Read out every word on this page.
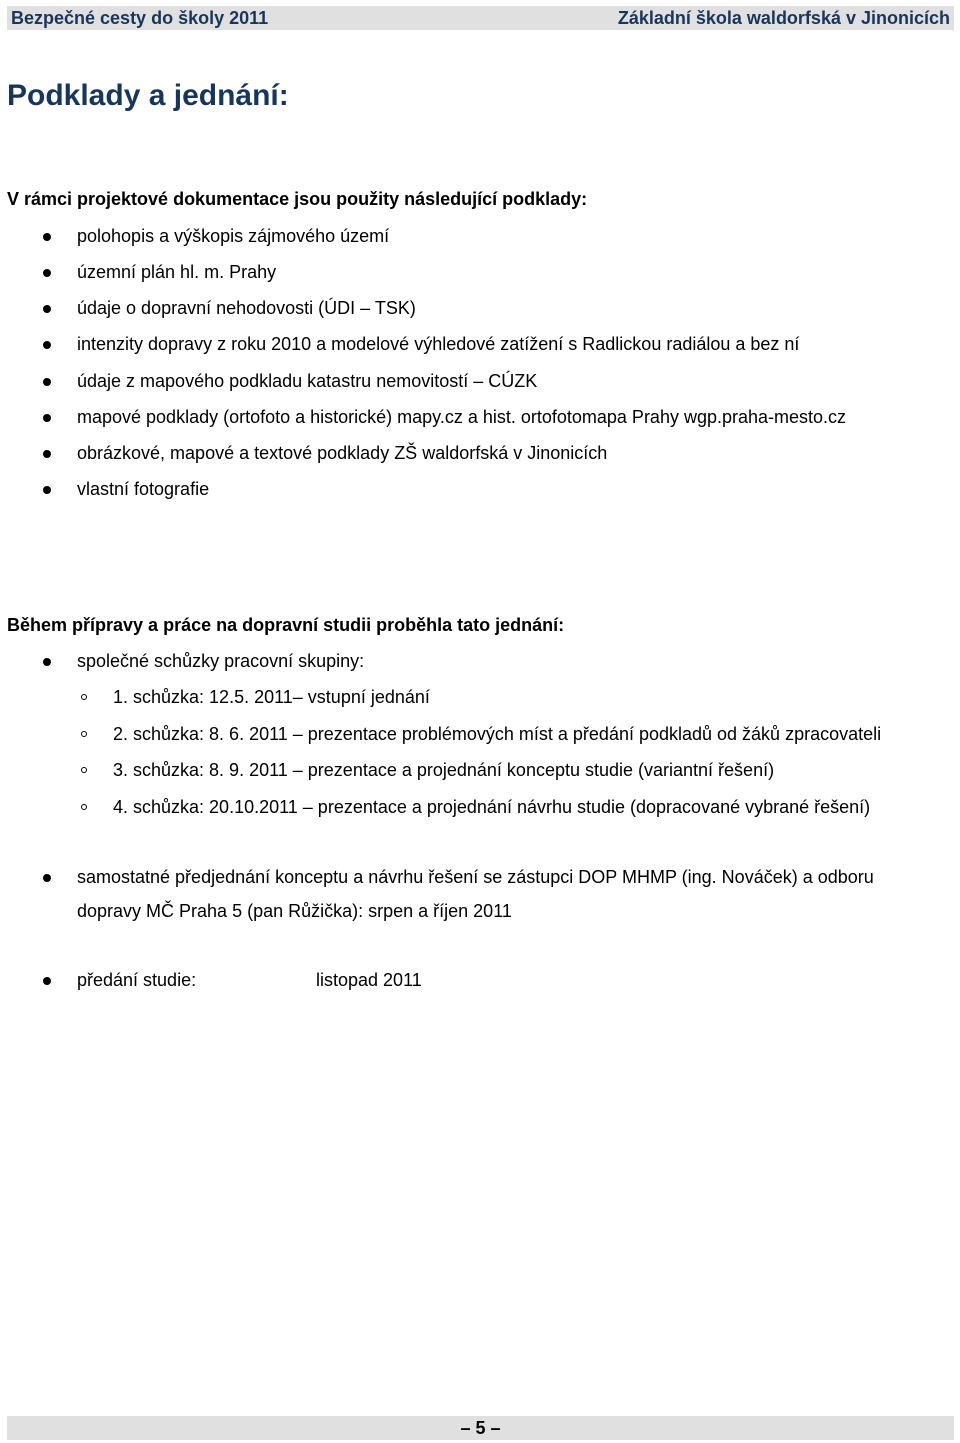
Bezpečné cesty do školy 2011	Základní škola waldorfská v Jinonicích
Podklady a jednání:
V rámci projektové dokumentace jsou použity následující podklady:
polohopis a výškopis zájmového území
územní plán hl. m. Prahy
údaje o dopravní nehodovosti (ÚDI – TSK)
intenzity dopravy z roku 2010 a modelové výhledové zatížení s Radlickou radiálou a bez ní
údaje z mapového podkladu katastru nemovitostí – CÚZK
mapové podklady (ortofoto a historické) mapy.cz a hist. ortofotomapa Prahy wgp.praha-mesto.cz
obrázkové, mapové a textové podklady ZŠ waldorfská v Jinonicích
vlastní fotografie
Během přípravy a práce na dopravní studii proběhla tato jednání:
společné schůzky pracovní skupiny:
1. schůzka: 12.5. 2011– vstupní jednání
2. schůzka: 8. 6. 2011 – prezentace problémových míst a předání podkladů od žáků zpracovateli
3. schůzka: 8. 9. 2011 – prezentace a projednání konceptu studie (variantní řešení)
4. schůzka: 20.10.2011 – prezentace a projednání návrhu studie (dopracované vybrané řešení)
samostatné předjednání konceptu a návrhu řešení se zástupci DOP MHMP (ing. Nováček) a odboru
dopravy MČ Praha 5 (pan Růžička): srpen a říjen 2011
předání studie:	listopad 2011
– 5 –
